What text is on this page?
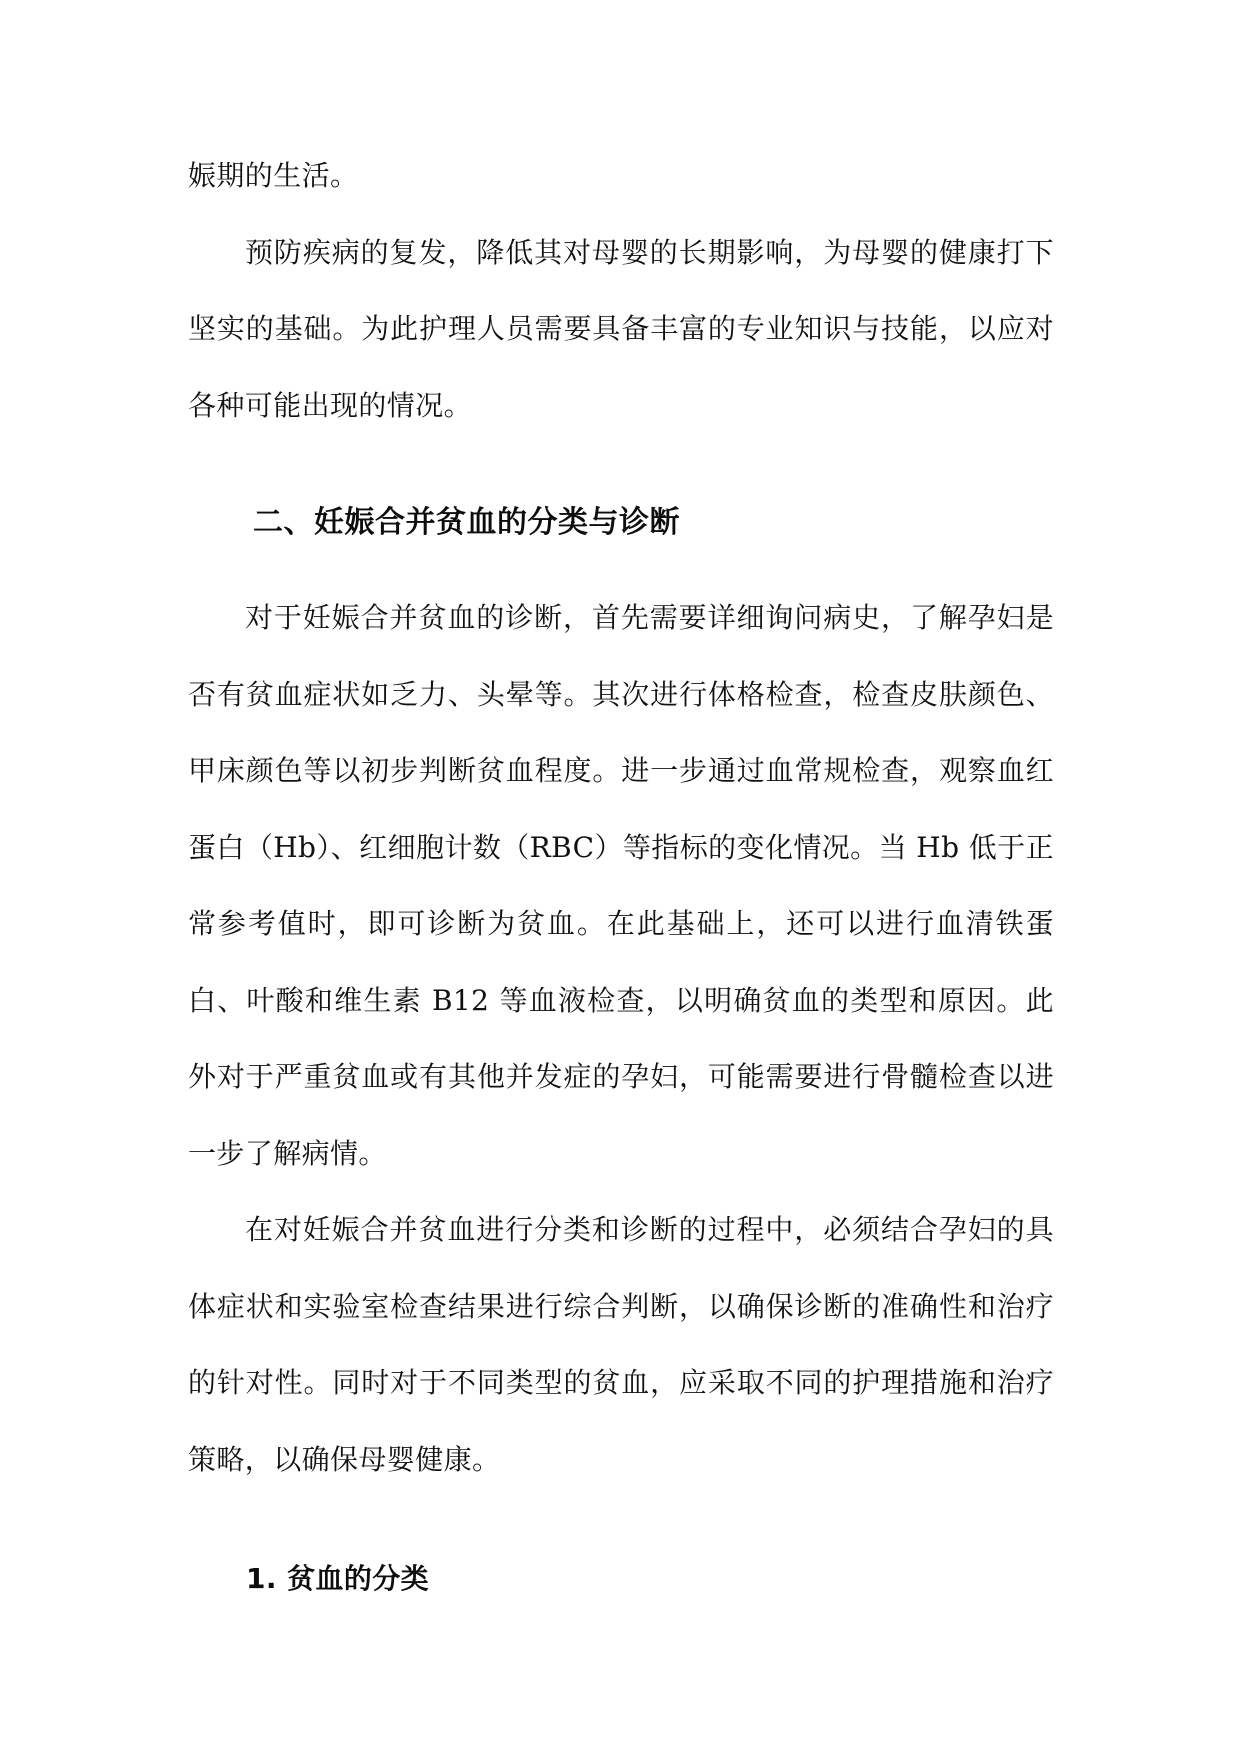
娠期的生活。

预防疾病的复发，降低其对母婴的长期影响，为母婴的健康打下坚实的基础。为此护理人员需要具备丰富的专业知识与技能，以应对各种可能出现的情况。

二、妊娠合并贫血的分类与诊断

对于妊娠合并贫血的诊断，首先需要详细询问病史，了解孕妇是否有贫血症状如乏力、头晕等。其次进行体格检查，检查皮肤颜色、甲床颜色等以初步判断贫血程度。进一步通过血常规检查，观察血红蛋白（Hb）、红细胞计数（RBC）等指标的变化情况。当 Hb 低于正常参考值时，即可诊断为贫血。在此基础上，还可以进行血清铁蛋白、叶酸和维生素 B12 等血液检查，以明确贫血的类型和原因。此外对于严重贫血或有其他并发症的孕妇，可能需要进行骨髓检查以进一步了解病情。

在对妊娠合并贫血进行分类和诊断的过程中，必须结合孕妇的具体症状和实验室检查结果进行综合判断，以确保诊断的准确性和治疗的针对性。同时对于不同类型的贫血，应采取不同的护理措施和治疗策略，以确保母婴健康。

1. 贫血的分类
